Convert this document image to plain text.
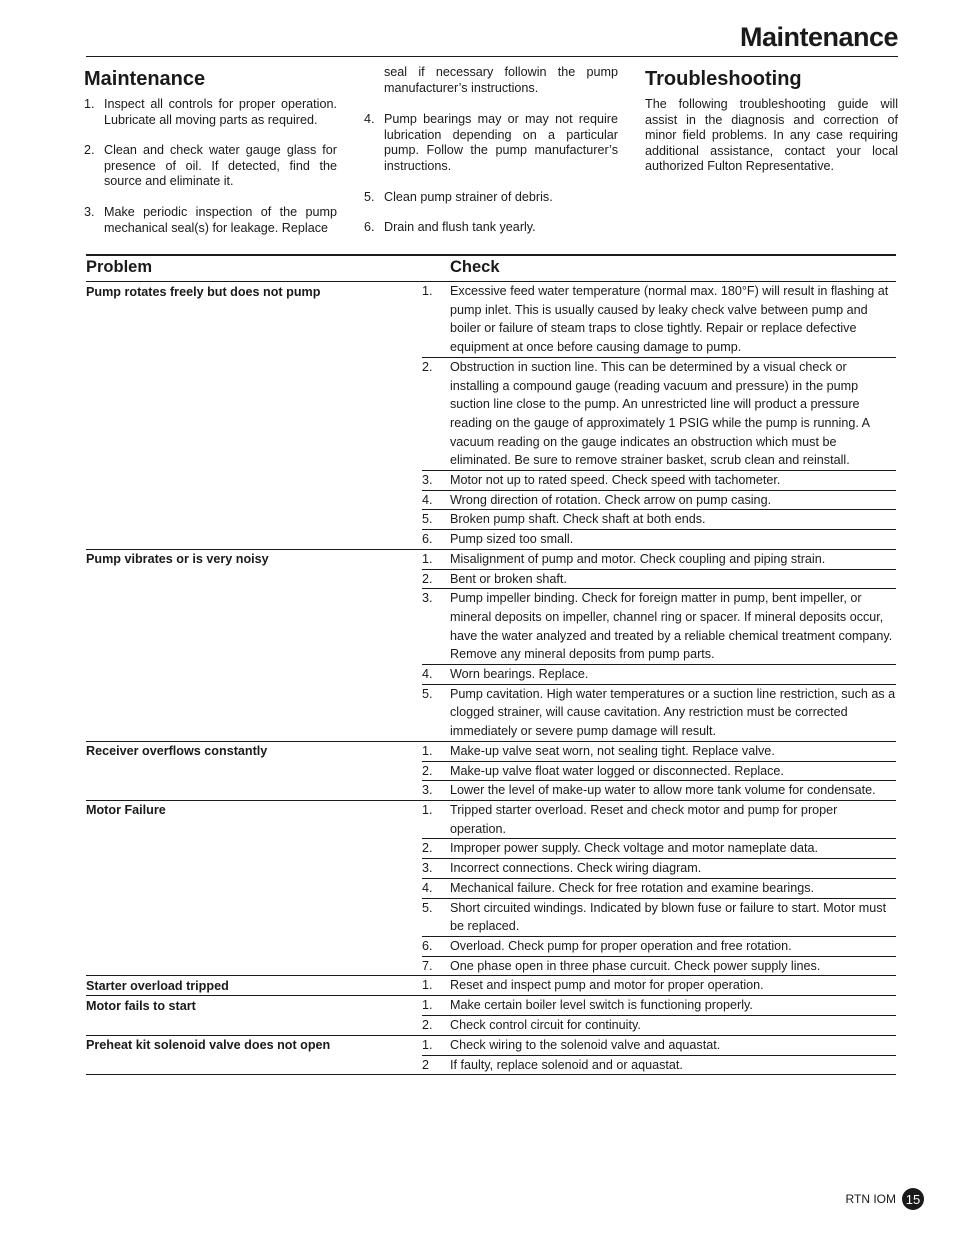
Maintenance
Maintenance
1. Inspect all controls for proper operation. Lubricate all moving parts as required.
2. Clean and check water gauge glass for presence of oil. If detected, find the source and eliminate it.
3. Make periodic inspection of the pump mechanical seal(s) for leakage. Replace
seal if necessary followin the pump manufacturer’s instructions.
4. Pump bearings may or may not require lubrication depending on a particular pump. Follow the pump manufacturer’s instructions.
5. Clean pump strainer of debris.
6. Drain and flush tank yearly.
Troubleshooting

The following troubleshooting guide will assist in the diagnosis and correction of minor field problems. In any case requiring additional assistance, contact your local authorized Fulton Representative.

Problem	Check
Pump rotates freely but does not pump	1.	Excessive feed water temperature (normal max. 180°F) will result in flashing at pump inlet. This is usually caused by leaky check valve between pump and boiler or failure of steam traps to close tightly. Repair or replace defective equipment at once before causing damage to pump.
2.	Obstruction in suction line. This can be determined by a visual check or installing a compound gauge (reading vacuum and pressure) in the pump suction line close to the pump. An unrestricted line will product a pressure reading on the gauge of approximately 1 PSIG while the pump is running. A vacuum reading on the gauge indicates an obstruction which must be eliminated. Be sure to remove strainer basket, scrub clean and reinstall.
3.	Motor not up to rated speed. Check speed with tachometer.
4.	Wrong direction of rotation. Check arrow on pump casing.
5.	Broken pump shaft. Check shaft at both ends.
6.	Pump sized too small.
Pump vibrates or is very noisy	1.	Misalignment of pump and motor. Check coupling and piping strain.
2.	Bent or broken shaft.
3.	Pump impeller binding. Check for foreign matter in pump, bent impeller, or mineral deposits on impeller, channel ring or spacer. If mineral deposits occur, have the water analyzed and treated by a reliable chemical treatment company. Remove any mineral deposits from pump parts.
4.	Worn bearings. Replace.
5.	Pump cavitation. High water temperatures or a suction line restriction, such as a clogged strainer, will cause cavitation. Any restriction must be corrected immediately or severe pump damage will result.
Receiver overflows constantly	1.	Make-up valve seat worn, not sealing tight. Replace valve.
2.	Make-up valve float water logged or disconnected. Replace.
3.	Lower the level of make-up water to allow more tank volume for condensate.
Motor Failure	1.	Tripped starter overload. Reset and check motor and pump for proper operation.
2.	Improper power supply. Check voltage and motor nameplate data.
3.	Incorrect connections. Check wiring diagram.
4.	Mechanical failure. Check for free rotation and examine bearings.
5.	Short circuited windings. Indicated by blown fuse or failure to start. Motor must be replaced.
6.	Overload. Check pump for proper operation and free rotation.
7.	One phase open in three phase curcuit. Check power supply lines.
Starter overload tripped	1.	Reset and inspect pump and motor for proper operation.
Motor fails to start	1.	Make certain boiler level switch is functioning properly.
2.	Check control circuit for continuity.
Preheat kit solenoid valve does not open	1.	Check wiring to the solenoid valve and aquastat.
2	If faulty, replace solenoid and or aquastat.
RTN IOM 15
